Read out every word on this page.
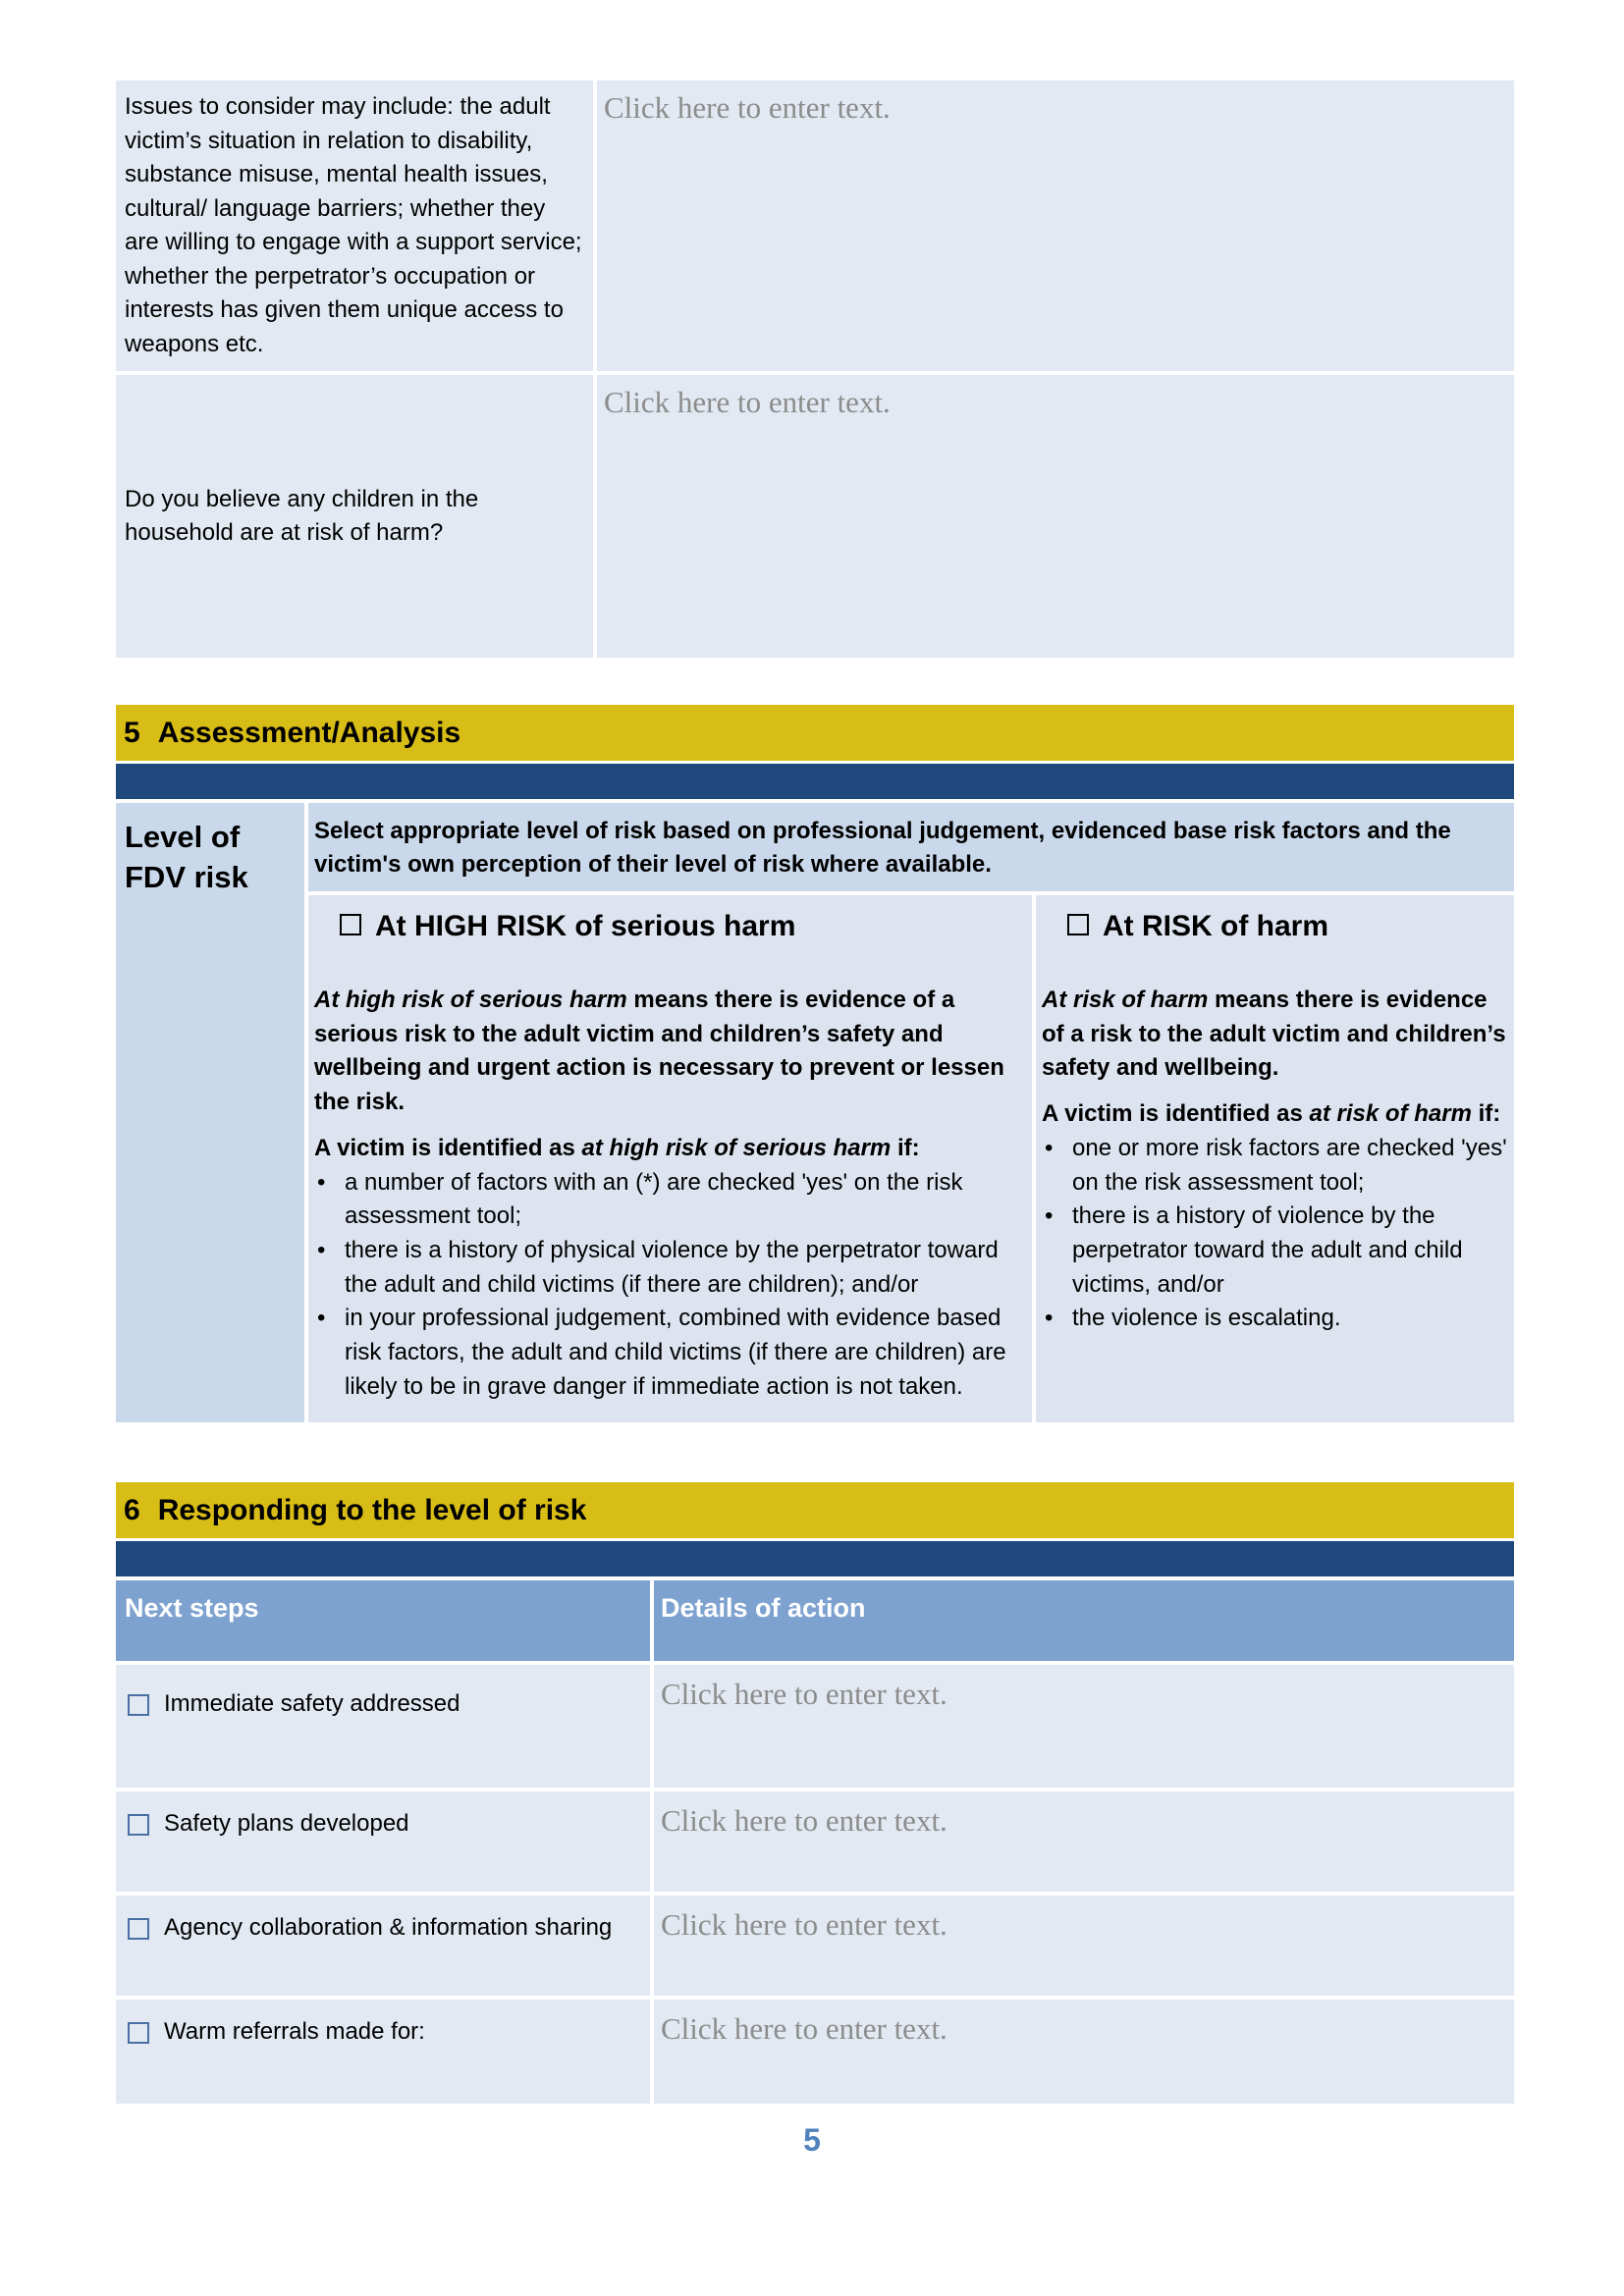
Issues to consider may include: the adult victim’s situation in relation to disability, substance misuse, mental health issues, cultural/ language barriers; whether they are willing to engage with a support service; whether the perpetrator’s occupation or interests has given them unique access to weapons etc.
Click here to enter text.
Do you believe any children in the household are at risk of harm?
Click here to enter text.
5 Assessment/Analysis
Level of FDV risk
Select appropriate level of risk based on professional judgement, evidenced base risk factors and the victim's own perception of their level of risk where available.
At HIGH RISK of serious harm
At high risk of serious harm means there is evidence of a serious risk to the adult victim and children’s safety and wellbeing and urgent action is necessary to prevent or lessen the risk.
A victim is identified as at high risk of serious harm if:
• a number of factors with an (*) are checked 'yes' on the risk assessment tool;
• there is a history of physical violence by the perpetrator toward the adult and child victims (if there are children); and/or
• in your professional judgement, combined with evidence based risk factors, the adult and child victims (if there are children) are likely to be in grave danger if immediate action is not taken.
At RISK of harm
At risk of harm means there is evidence of a risk to the adult victim and children’s safety and wellbeing.
A victim is identified as at risk of harm if:
• one or more risk factors are checked 'yes' on the risk assessment tool;
• there is a history of violence by the perpetrator toward the adult and child victims, and/or
• the violence is escalating.
6 Responding to the level of risk
Next steps	Details of action
Immediate safety addressed	Click here to enter text.
Safety plans developed	Click here to enter text.
Agency collaboration & information sharing	Click here to enter text.
Warm referrals made for:	Click here to enter text.
5
